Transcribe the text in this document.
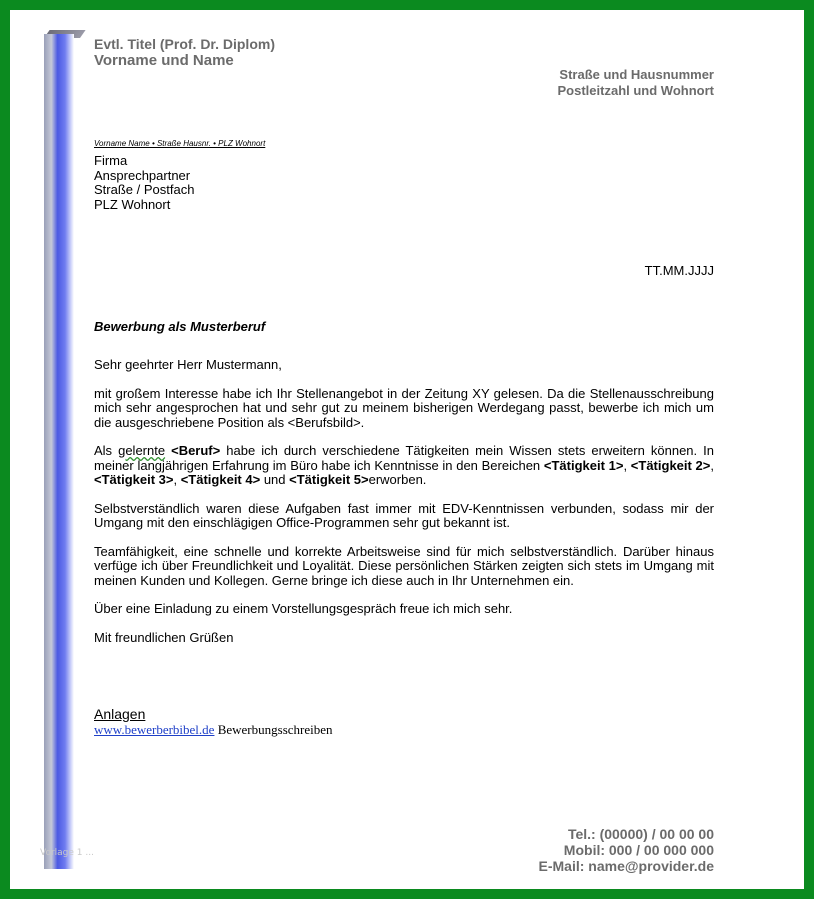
Vorlage 1 ...
Evtl. Titel (Prof. Dr. Diplom)
Vorname und Name
Straße und Hausnummer
Postleitzahl und Wohnort
Vorname Name • Straße Hausnr. • PLZ Wohnort
Firma
Ansprechpartner
Straße / Postfach
PLZ Wohnort
TT.MM.JJJJ
Bewerbung als Musterberuf

Sehr geehrter Herr Mustermann,

mit großem Interesse habe ich Ihr Stellenangebot in der Zeitung XY gelesen. Da die Stellenausschreibung mich sehr angesprochen hat und sehr gut zu meinem bisherigen Werdegang passt, bewerbe ich mich um die ausgeschriebene Position als <Berufsbild>.

Als gelernte <Beruf> habe ich durch verschiedene Tätigkeiten mein Wissen stets erweitern können. In meiner langjährigen Erfahrung im Büro habe ich Kenntnisse in den Bereichen <Tätigkeit 1>, <Tätigkeit 2>, <Tätigkeit 3>, <Tätigkeit 4> und <Tätigkeit 5>erworben.

Selbstverständlich waren diese Aufgaben fast immer mit EDV-Kenntnissen verbunden, sodass mir der Umgang mit den einschlägigen Office-Programmen sehr gut bekannt ist.

Teamfähigkeit, eine schnelle und korrekte Arbeitsweise sind für mich selbstverständlich. Darüber hinaus verfüge ich über Freundlichkeit und Loyalität. Diese persönlichen Stärken zeigten sich stets im Umgang mit meinen Kunden und Kollegen. Gerne bringe ich diese auch in Ihr Unternehmen ein.

Über eine Einladung zu einem Vorstellungsgespräch freue ich mich sehr.

Mit freundlichen Grüßen

Anlagen
www.bewerberbibel.de Bewerbungsschreiben
Tel.: (00000) / 00 00 00
Mobil: 000 / 00 000 000
E-Mail: name@provider.de
